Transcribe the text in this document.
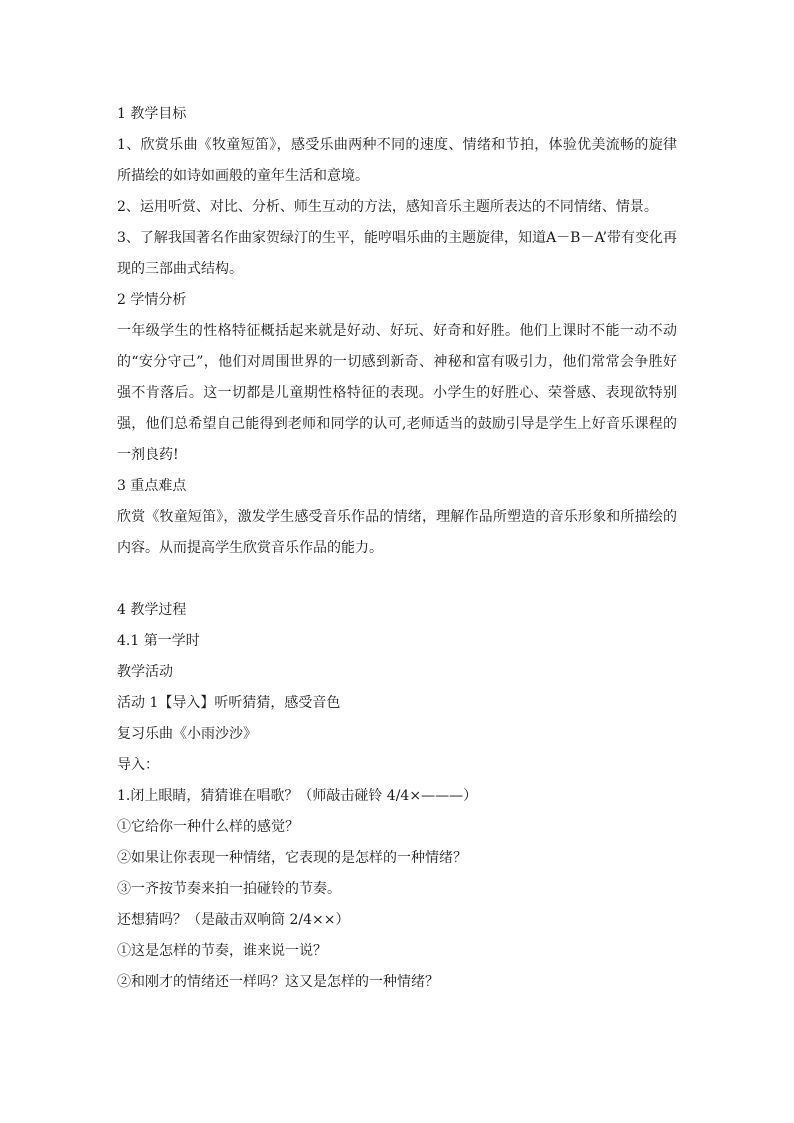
1 教学目标
1、欣赏乐曲《牧童短笛》，感受乐曲两种不同的速度、情绪和节拍，体验优美流畅的旋律所描绘的如诗如画般的童年生活和意境。
2、运用听赏、对比、分析、师生互动的方法，感知音乐主题所表达的不同情绪、情景。
3、了解我国著名作曲家贺绿汀的生平，能哼唱乐曲的主题旋律，知道A－B－A’带有变化再现的三部曲式结构。
2 学情分析
一年级学生的性格特征概括起来就是好动、好玩、好奇和好胜。他们上课时不能一动不动的“安分守己”，他们对周围世界的一切感到新奇、神秘和富有吸引力，他们常常会争胜好强不肯落后。这一切都是儿童期性格特征的表现。小学生的好胜心、荣誉感、表现欲特别强，他们总希望自己能得到老师和同学的认可,老师适当的鼓励引导是学生上好音乐课程的一剂良药!
3 重点难点
欣赏《牧童短笛》，激发学生感受音乐作品的情绪，理解作品所塑造的音乐形象和所描绘的内容。从而提高学生欣赏音乐作品的能力。
4 教学过程
4.1 第一学时
教学活动
活动 1【导入】听听猜猜，感受音色
复习乐曲《小雨沙沙》
导入：
1.闭上眼睛，猜猜谁在唱歌？（师敲击碰铃 4/4×———）
①它给你一种什么样的感觉？
②如果让你表现一种情绪，它表现的是怎样的一种情绪？
③一齐按节奏来拍一拍碰铃的节奏。
还想猜吗？（是敲击双响筒 2/4××）
①这是怎样的节奏，谁来说一说？
②和刚才的情绪还一样吗？这又是怎样的一种情绪？
